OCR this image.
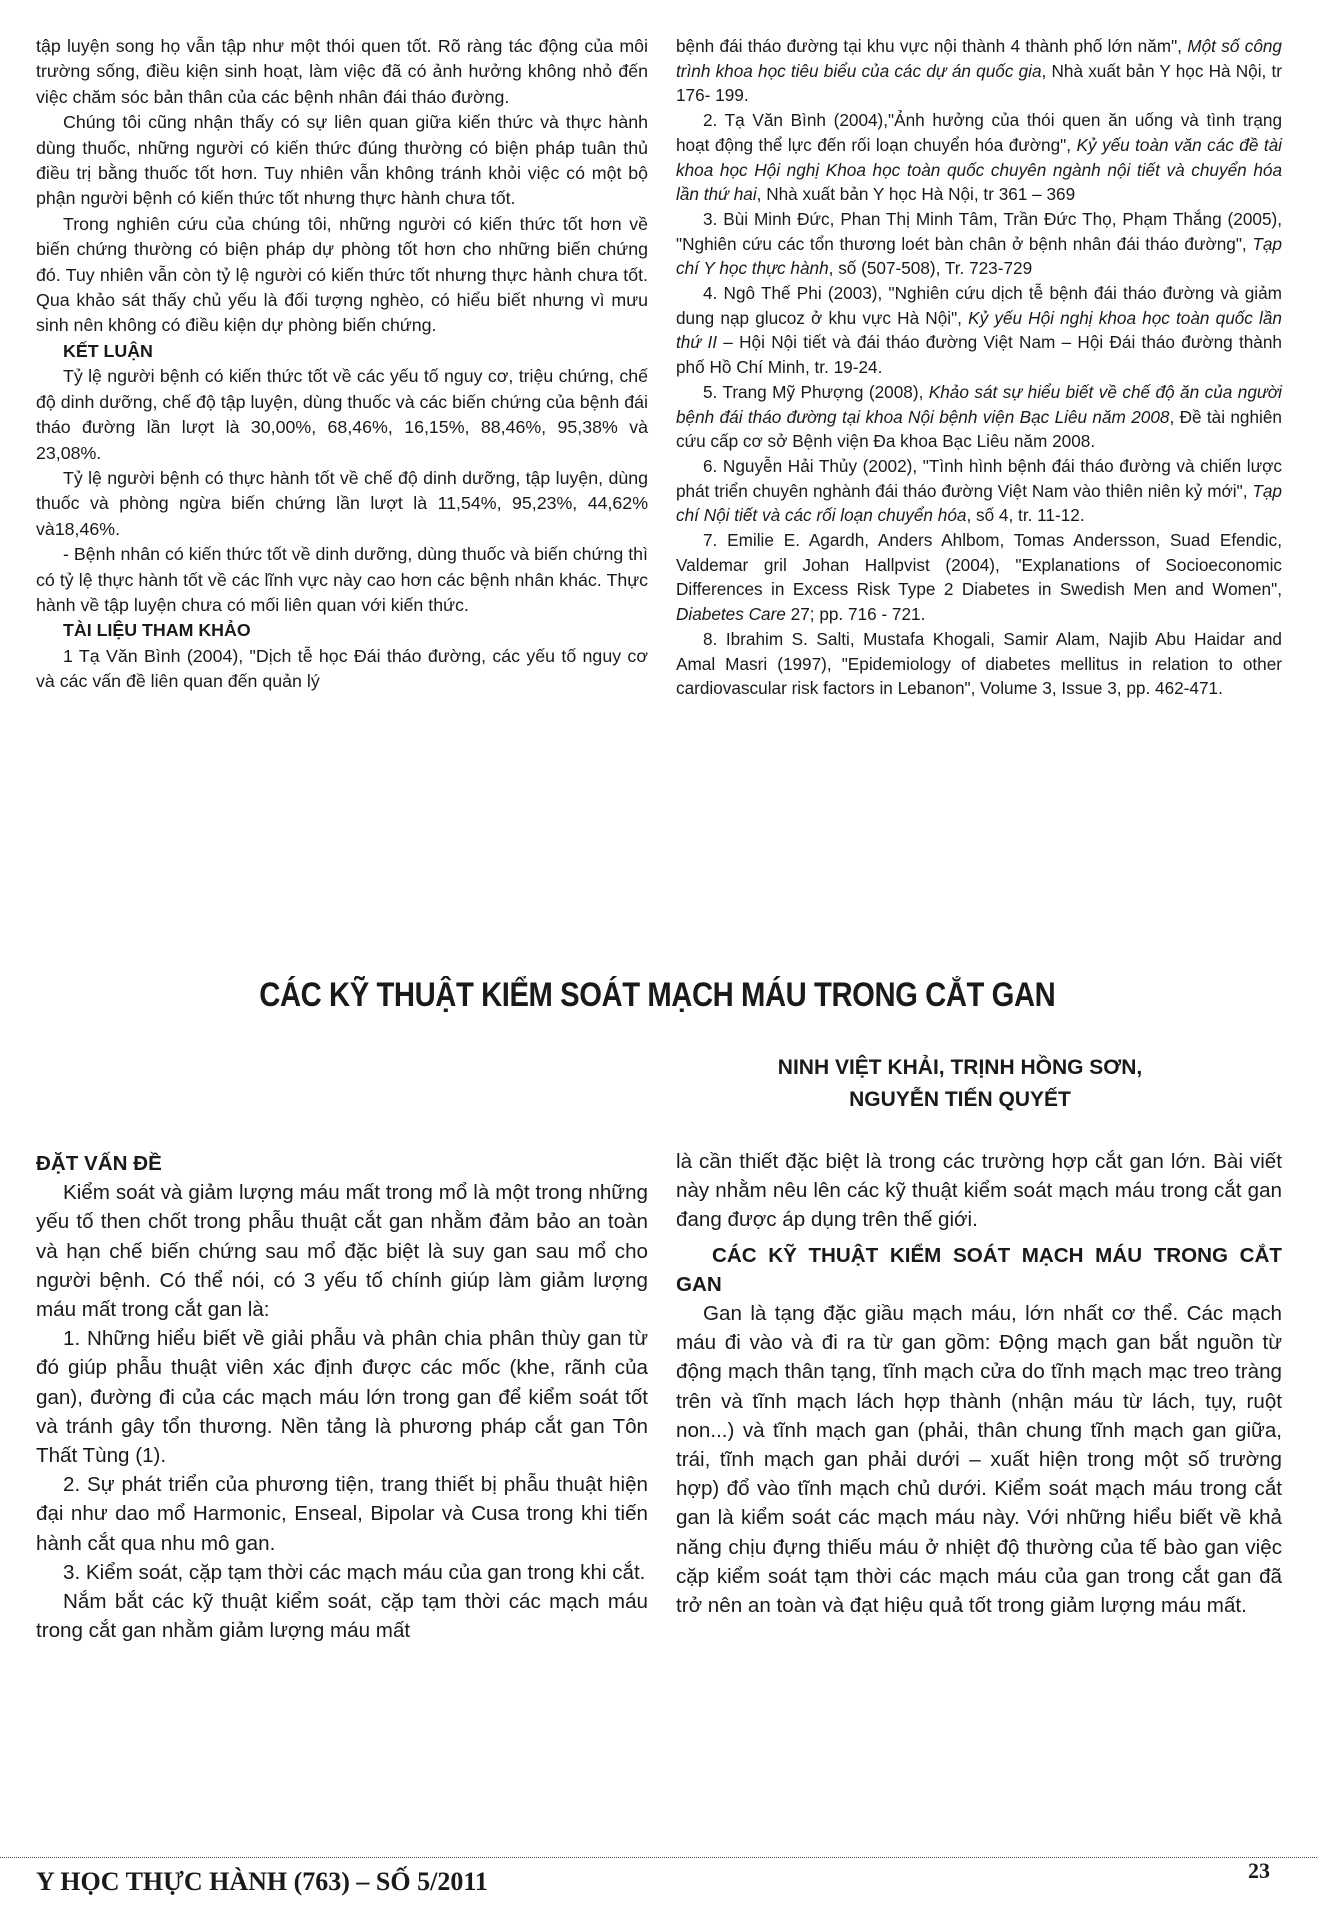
tập luyện song họ vẫn tập như một thói quen tốt. Rõ ràng tác động của môi trường sống, điều kiện sinh hoạt, làm việc đã có ảnh hưởng không nhỏ đến việc chăm sóc bản thân của các bệnh nhân đái tháo đường.

Chúng tôi cũng nhận thấy có sự liên quan giữa kiến thức và thực hành dùng thuốc, những người có kiến thức đúng thường có biện pháp tuân thủ điều trị bằng thuốc tốt hơn. Tuy nhiên vẫn không tránh khỏi việc có một bộ phận người bệnh có kiến thức tốt nhưng thực hành chưa tốt.

Trong nghiên cứu của chúng tôi, những người có kiến thức tốt hơn về biến chứng thường có biện pháp dự phòng tốt hơn cho những biến chứng đó. Tuy nhiên vẫn còn tỷ lệ người có kiến thức tốt nhưng thực hành chưa tốt. Qua khảo sát thấy chủ yếu là đối tượng nghèo, có hiểu biết nhưng vì mưu sinh nên không có điều kiện dự phòng biến chứng.

KẾT LUẬN

Tỷ lệ người bệnh có kiến thức tốt về các yếu tố nguy cơ, triệu chứng, chế độ dinh dưỡng, chế độ tập luyện, dùng thuốc và các biến chứng của bệnh đái tháo đường lần lượt là 30,00%, 68,46%, 16,15%, 88,46%, 95,38% và 23,08%.

Tỷ lệ người bệnh có thực hành tốt về chế độ dinh dưỡng, tập luyện, dùng thuốc và phòng ngừa biến chứng lần lượt là 11,54%, 95,23%, 44,62% và18,46%.

- Bệnh nhân có kiến thức tốt về dinh dưỡng, dùng thuốc và biến chứng thì có tỷ lệ thực hành tốt về các lĩnh vực này cao hơn các bệnh nhân khác. Thực hành về tập luyện chưa có mối liên quan với kiến thức.

TÀI LIỆU THAM KHẢO

1 Tạ Văn Bình (2004), "Dịch tễ học Đái tháo đường, các yếu tố nguy cơ và các vấn đề liên quan đến quản lý

bệnh đái tháo đường tại khu vực nội thành 4 thành phố lớn năm", Một số công trình khoa học tiêu biểu của các dự án quốc gia, Nhà xuất bản Y học Hà Nội, tr 176- 199.

2. Tạ Văn Bình (2004),"Ảnh hưởng của thói quen ăn uống và tình trạng hoạt động thể lực đến rối loạn chuyển hóa đường", Kỷ yếu toàn văn các đề tài khoa học Hội nghị Khoa học toàn quốc chuyên ngành nội tiết và chuyển hóa lần thứ hai, Nhà xuất bản Y học Hà Nội, tr 361 – 369

3. Bùi Minh Đức, Phan Thị Minh Tâm, Trần Đức Thọ, Phạm Thắng (2005), "Nghiên cứu các tổn thương loét bàn chân ở bệnh nhân đái tháo đường", Tạp chí Y học thực hành, số (507-508), Tr. 723-729

4. Ngô Thế Phi (2003), "Nghiên cứu dịch tễ bệnh đái tháo đường và giảm dung nạp glucoz ở khu vực Hà Nội", Kỷ yếu Hội nghị khoa học toàn quốc lần thứ II – Hội Nội tiết và đái tháo đường Việt Nam – Hội Đái tháo đường thành phố Hồ Chí Minh, tr. 19-24.

5. Trang Mỹ Phượng (2008), Khảo sát sự hiểu biết về chế độ ăn của người bệnh đái tháo đường tại khoa Nội bệnh viện Bạc Liêu năm 2008, Đề tài nghiên cứu cấp cơ sở Bệnh viện Đa khoa Bạc Liêu năm 2008.

6. Nguyễn Hải Thủy (2002), "Tình hình bệnh đái tháo đường và chiến lược phát triển chuyên nghành đái tháo đường Việt Nam vào thiên niên kỷ mới", Tạp chí Nội tiết và các rối loạn chuyển hóa, số 4, tr. 11-12.

7. Emilie E. Agardh, Anders Ahlbom, Tomas Andersson, Suad Efendic, Valdemar gril Johan Hallpvist (2004), "Explanations of Socioeconomic Differences in Excess Risk Type 2 Diabetes in Swedish Men and Women", Diabetes Care 27; pp. 716 - 721.

8. Ibrahim S. Salti, Mustafa Khogali, Samir Alam, Najib Abu Haidar and Amal Masri (1997), "Epidemiology of diabetes mellitus in relation to other cardiovascular risk factors in Lebanon", Volume 3, Issue 3, pp. 462-471.

CÁC KỸ THUẬT KIỂM SOÁT MẠCH MÁU TRONG CẮT GAN
NINH VIỆT KHẢI, TRỊNH HỒNG SƠN,
NGUYỄN TIẾN QUYẾT

ĐẶT VẤN ĐỀ

Kiểm soát và giảm lượng máu mất trong mổ là một trong những yếu tố then chốt trong phẫu thuật cắt gan nhằm đảm bảo an toàn và hạn chế biến chứng sau mổ đặc biệt là suy gan sau mổ cho người bệnh. Có thể nói, có 3 yếu tố chính giúp làm giảm lượng máu mất trong cắt gan là:

1. Những hiểu biết về giải phẫu và phân chia phân thùy gan từ đó giúp phẫu thuật viên xác định được các mốc (khe, rãnh của gan), đường đi của các mạch máu lớn trong gan để kiểm soát tốt và tránh gây tổn thương. Nền tảng là phương pháp cắt gan Tôn Thất Tùng (1).

2. Sự phát triển của phương tiện, trang thiết bị phẫu thuật hiện đại như dao mổ Harmonic, Enseal, Bipolar và Cusa trong khi tiến hành cắt qua nhu mô gan.

3. Kiểm soát, cặp tạm thời các mạch máu của gan trong khi cắt.

Nắm bắt các kỹ thuật kiểm soát, cặp tạm thời các mạch máu trong cắt gan nhằm giảm lượng máu mất

là cần thiết đặc biệt là trong các trường hợp cắt gan lớn. Bài viết này nhằm nêu lên các kỹ thuật kiểm soát mạch máu trong cắt gan đang được áp dụng trên thế giới.

CÁC KỸ THUẬT KIỂM SOÁT MẠCH MÁU TRONG CẮT GAN

Gan là tạng đặc giầu mạch máu, lớn nhất cơ thể. Các mạch máu đi vào và đi ra từ gan gồm: Động mạch gan bắt nguồn từ động mạch thân tạng, tĩnh mạch cửa do tĩnh mạch mạc treo tràng trên và tĩnh mạch lách hợp thành (nhận máu từ lách, tụy, ruột non...) và tĩnh mạch gan (phải, thân chung tĩnh mạch gan giữa, trái, tĩnh mạch gan phải dưới – xuất hiện trong một số trường hợp) đổ vào tĩnh mạch chủ dưới. Kiểm soát mạch máu trong cắt gan là kiểm soát các mạch máu này. Với những hiểu biết về khả năng chịu đựng thiếu máu ở nhiệt độ thường của tế bào gan việc cặp kiểm soát tạm thời các mạch máu của gan trong cắt gan đã trở nên an toàn và đạt hiệu quả tốt trong giảm lượng máu mất.

Y HỌC THỰC HÀNH (763) – SỐ 5/2011	23
